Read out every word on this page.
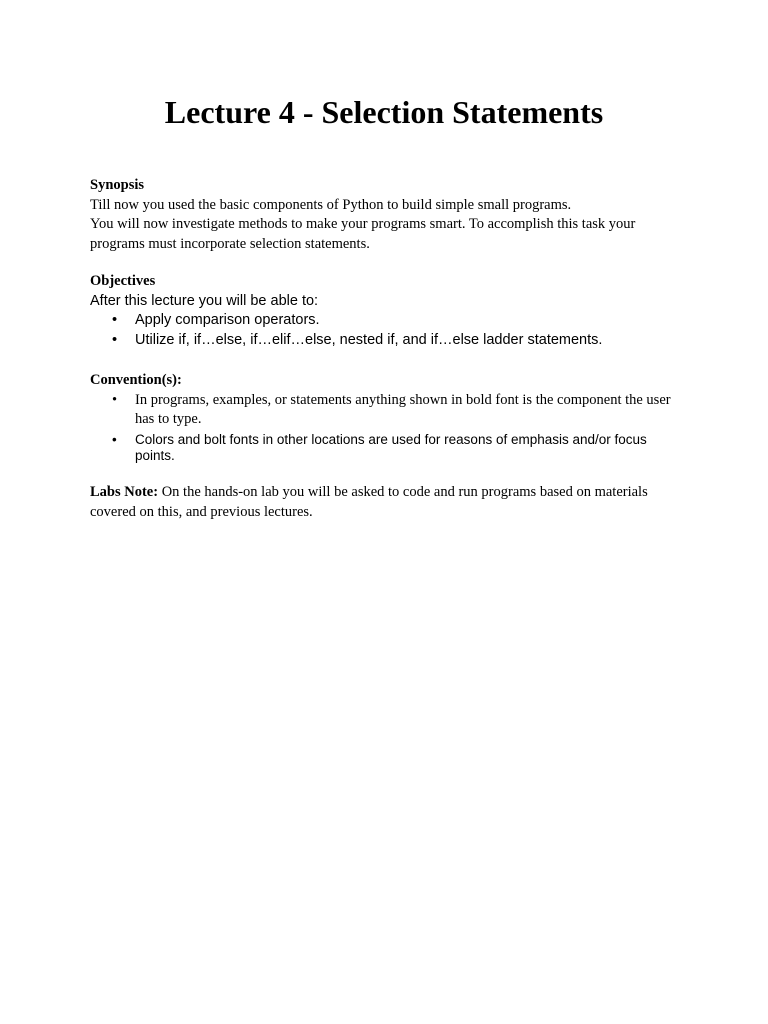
Lecture 4 - Selection Statements

Synopsis

Till now you used the basic components of Python to build simple small programs.

You will now investigate methods to make your programs smart. To accomplish this task your programs must incorporate selection statements.

Objectives

After this lecture you will be able to:

• Apply comparison operators.
• Utilize if, if…else, if…elif…else, nested if, and if…else ladder statements.

Convention(s):

• In programs, examples, or statements anything shown in bold font is the component the user has to type.
• Colors and bolt fonts in other locations are used for reasons of emphasis and/or focus points.

Labs Note: On the hands-on lab you will be asked to code and run programs based on materials covered on this, and previous lectures.
